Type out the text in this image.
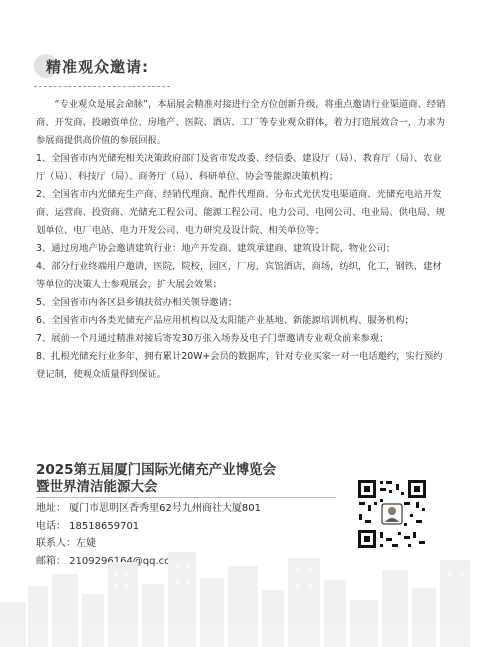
精准观众邀请:

“专业观众是展会命脉”，本届展会精准对接进行全方位创新升级，将重点邀请行业渠道商、经销商、开发商、投融资单位、房地产、医院、酒店、工厂等专业观众群体，着力打造展效合一，力求为参展商提供高价值的参展回报。

1、全国省市内光储充相关决策政府部门及省市发改委、经信委、建设厅（局）、教育厅（局）、农业厅（局）、科技厅（局）、商务厅（局）、科研单位、协会等能源决策机构；

2、全国省市内光储充生产商、经销代理商、配件代理商、分布式光伏发电渠道商、光储充电站开发商、运营商、投资商、光储充工程公司、能源工程公司、电力公司、电网公司、电业局、供电局、规划单位、电厂电站、电力开发公司、电力研究及设计院、相关单位等；

3、通过房地产协会邀请建筑行业：地产开发商、建筑承建商、建筑设计院、物业公司；

4、部分行业终端用户邀请，医院，院校，园区，厂房，宾馆酒店，商场，纺织，化工，钢铁，建材等单位的决策人士参观展会，扩大展会效果；

5、全国省市内各区县乡镇扶贫办相关领导邀请；

6、全国省市内各类光储充产品应用机构以及太阳能产业基地、新能源培训机构、服务机构；

7、展前一个月通过精准对接后寄发30万张入场券及电子门票邀请专业观众前来参观；

8、扎根光储充行业多年，拥有累计20W+会员的数据库，针对专业买家一对一电话邀约，实行预约登记制，使观众质量得到保证。

2025第五届厦门国际光储充产业博览会
暨世界清洁能源大会
地址： 厦门市思明区香秀里62号九州商社大厦801
电话： 18518659701
